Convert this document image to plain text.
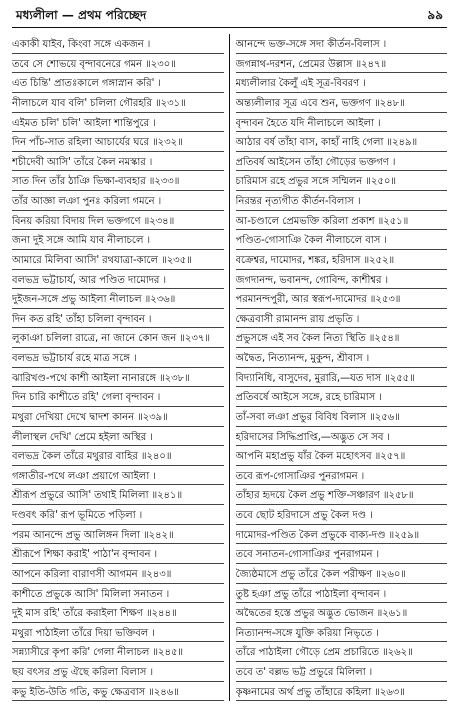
মধ্যলীলা — প্রথম পরিচ্ছেদ	৯৯
একাকী যাইব, কিংবা সঙ্গে একজন ।
তবে সে শোভয়ে বৃন্দাবনেরে গমন ॥২৩০॥
এত চিন্তি' প্রাতঃকালে গঙ্গাস্নান করি' ।
নীলাচলে যাব বলি' চলিলা গৌরহরি ॥২৩১॥
এইমত চলি' চলি' আইলা শান্তিপুরে ।
দিন পাঁচ-সাত রহিলা আচার্যের ঘরে ॥২৩২॥
শচীদেবী আসি' তাঁরে কৈল নমস্কার ।
সাত দিন তাঁর ঠাঞি ভিক্ষা-ব্যবহার ॥২৩৩॥
তাঁর আজ্ঞা লঞা পুনঃ করিলা গমনে ।
বিনয় করিয়া বিদায় দিল ভক্তগণে ॥২৩৪॥
জনা দুই সঙ্গে আমি যাব নীলাচলে ।
আমারে মিলিবা আসি' রথযাত্রা-কালে ॥২৩৫॥
বলভদ্র ভট্টাচার্য, আর পণ্ডিত দামোদর ।
দুইজন-সঙ্গে প্রভু আইলা নীলাচল ॥২৩৬॥
দিন কত রহি' তাঁহা চলিলা বৃন্দাবন ।
লুকাঞা চলিলা রাত্রে, না জানে কোন জন ॥২৩৭॥
বলভদ্র ভট্টাচার্য রহে মাত্র সঙ্গে ।
ঝারিখণ্ড-পথে কাশী আইলা নানারঙ্গে ॥২৩৮॥
দিন চারি কাশীতে রহি' গেলা বৃন্দাবন ।
মথুরা দেখিয়া দেখে দ্বাদশ কানন ॥২৩৯॥
লীলাস্থল দেখি' প্রেমে হইলা অস্থির ।
বলভদ্র কৈল তাঁরে মথুরার বাহির ॥২৪০॥
গঙ্গাতীর-পথে লঞা প্রয়াগে আইলা ।
শ্রীরূপ প্রভুরে আসি' তথাই মিলিলা ॥২৪১॥
দণ্ডবৎ করি' রূপ ভূমিতে পড়িলা ।
পরম আনন্দে প্রভু আলিঙ্গন দিলা ॥২৪২॥
শ্রীরূপে শিক্ষা করাই' পাঠা'ন বৃন্দাবন ।
আপনে করিলা বারাণসী আগমন ॥২৪৩॥
কাশীতে প্রভুকে আসি' মিলিলা সনাতন ।
দুই মাস রহি' তাঁরে করাইলা শিক্ষণ ॥২৪৪॥
মথুরা পাঠাইলা তাঁরে দিয়া ভক্তিবল ।
সন্ন্যাসীরে কৃপা করি' গেলা নীলাচল ॥২৪৫॥
ছয় বৎসর প্রভু ঐছে করিলা বিলাস ।
কভু ইতি-উতি গতি, কভু ক্ষেত্রবাস ॥২৪৬॥
আনন্দে ভক্ত-সঙ্গে সদা কীর্তন-বিলাস ।
জগন্নাথ-দরশন, প্রেমের উল্লাস ॥২৪৭॥
মধ্যলীলার কৈলুঁ এই সূত্র-বিবরণ ।
অন্ত্যলীলার সূত্র এবে শুন, ভক্তগণ ॥২৪৮॥
বৃন্দাবন হৈতে যদি নীলাচলে আইলা ।
আঠার বর্ষ তাঁহা বাস, কাহাঁ নাহি গেলা ॥২৪৯॥
প্রতিবর্ষ আইসেন তাঁহা গৌড়ের ভক্তগণ ।
চারিমাস রহে প্রভুর সঙ্গে সম্মিলন ॥২৫০॥
নিরন্তর নৃত্যগীত কীর্তন-বিলাস ।
আ-চণ্ডালে প্রেমভক্তি করিলা প্রকাশ ॥২৫১॥
পণ্ডিত-গোসাঞি কৈল নীলাচলে বাস ।
বক্রেশ্বর, দামোদর, শঙ্কর, হরিদাস ॥২৫২॥
জগদানন্দ, ভবানন্দ, গোবিন্দ, কাশীশ্বর ।
পরমানন্দপুরী, আর স্বরূপ-দামোদর ॥২৫৩॥
ক্ষেত্রবাসী রামানন্দ রায় প্রভৃতি ।
প্রভুসঙ্গে এই সব কৈল নিত্য স্থিতি ॥২৫৪॥
অদ্বৈত, নিত্যানন্দ, মুকুন্দ, শ্রীবাস ।
বিদ্যানিধি, বাসুদেব, মুরারি,—যত দাস ॥২৫৫॥
প্রতিবর্ষে আইসে সঙ্গে, রহে চারিমাস ।
তাঁ-সবা লঞা প্রভুর বিবিধ বিলাস ॥২৫৬॥
হরিদাসের সিদ্ধিপ্রাপ্তি,—অদ্ভুত সে সব ।
আপনি মহাপ্রভু যাঁর কৈল মহোৎসব ॥২৫৭॥
তবে রূপ-গোসাঞির পুনরাগমন ।
তাঁহার হৃদয়ে কৈল প্রভু শক্তি-সঞ্চারণ ॥২৫৮॥
তবে ছোট হরিদাসে প্রভু কৈল দণ্ড ।
দামোদর-পণ্ডিত কৈল প্রভুকে বাক্য-দণ্ড ॥২৫৯॥
তবে সনাতন-গোসাঞির পুনরাগমন ।
জ্যৈষ্ঠমাসে প্রভু তাঁরে কৈল পরীক্ষণ ॥২৬০॥
তুষ্ট হঞা প্রভু তাঁরে পাঠাইলা বৃন্দাবন ।
অদ্বৈতের হস্তে প্রভুর অদ্ভুত ভোজন ॥২৬১॥
নিত্যানন্দ-সঙ্গে যুক্তি করিয়া নিভৃতে ।
তাঁরে পাঠাইলা গৌড়ে প্রেম প্রচারিতে ॥২৬২॥
তবে ত' বল্লভ ভট্ট প্রভুরে মিলিলা ।
কৃষ্ণনামের অর্থ প্রভু তাঁহারে কহিলা ॥২৬৩॥
